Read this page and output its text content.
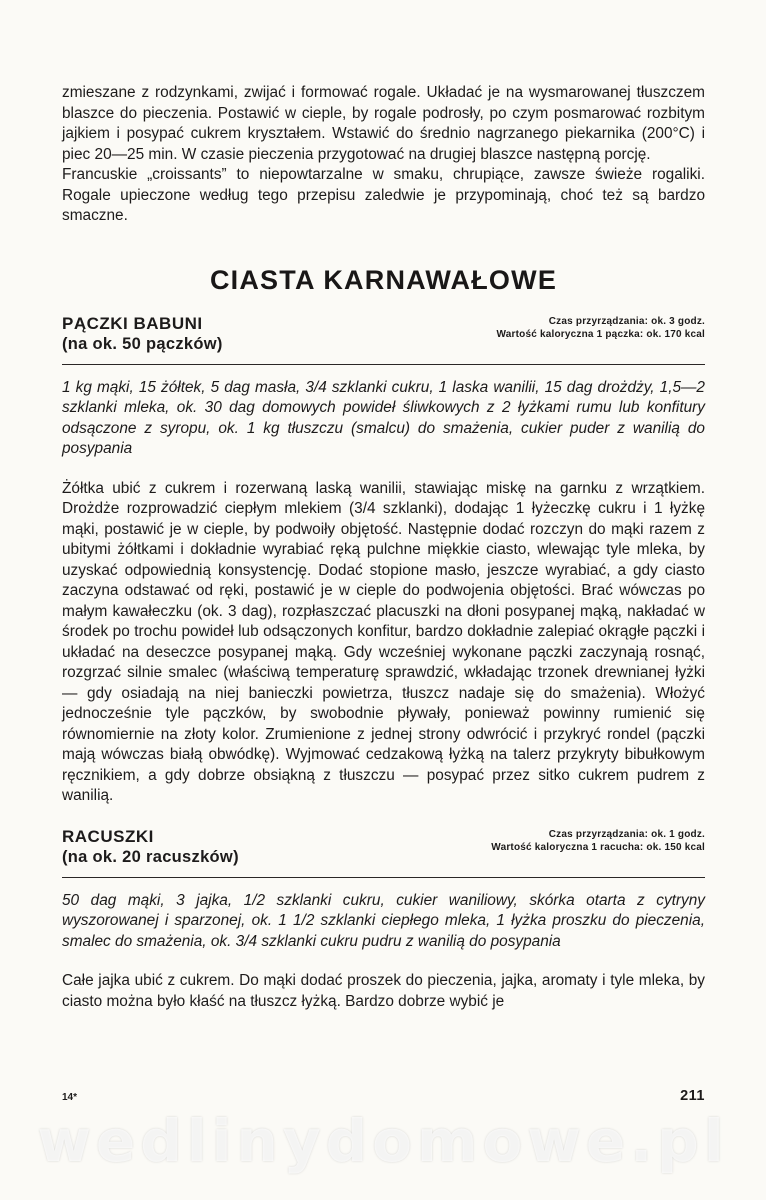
zmieszane z rodzynkami, zwijać i formować rogale. Układać je na wysmarowanej tłuszczem blaszce do pieczenia. Postawić w cieple, by rogale podrosły, po czym posmarować rozbitym jajkiem i posypać cukrem kryształem. Wstawić do średnio nagrzanego piekarnika (200°C) i piec 20—25 min. W czasie pieczenia przygotować na drugiej blaszce następną porcję.

Francuskie „croissants” to niepowtarzalne w smaku, chrupiące, zawsze świeże rogaliki. Rogale upieczone według tego przepisu zaledwie je przypominają, choć też są bardzo smaczne.

CIASTA KARNAWAŁOWE
PĄCZKI BABUNI
(na ok. 50 pączków)
Czas przyrządzania: ok. 3 godz.
Wartość kaloryczna 1 pączka: ok. 170 kcal

1 kg mąki, 15 żółtek, 5 dag masła, 3/4 szklanki cukru, 1 laska wanilii, 15 dag drożdży, 1,5—2 szklanki mleka, ok. 30 dag domowych powideł śliwkowych z 2 łyżkami rumu lub konfitury odsączone z syropu, ok. 1 kg tłuszczu (smalcu) do smażenia, cukier puder z wanilią do posypania

Żółtka ubić z cukrem i rozerwaną laską wanilii, stawiając miskę na garnku z wrzątkiem. Drożdże rozprowadzić ciepłym mlekiem (3/4 szklanki), dodając 1 łyżeczkę cukru i 1 łyżkę mąki, postawić je w cieple, by podwoiły objętość. Następnie dodać rozczyn do mąki razem z ubitymi żółtkami i dokładnie wyrabiać ręką pulchne miękkie ciasto, wlewając tyle mleka, by uzyskać odpowiednią konsystencję. Dodać stopione masło, jeszcze wyrabiać, a gdy ciasto zaczyna odstawać od ręki, postawić je w cieple do podwojenia objętości. Brać wówczas po małym kawałeczku (ok. 3 dag), rozpłaszczać placuszki na dłoni posypanej mąką, nakładać w środek po trochu powideł lub odsączonych konfitur, bardzo dokładnie zalepiać okrągłe pączki i układać na deseczce posypanej mąką. Gdy wcześniej wykonane pączki zaczynają rosnąć, rozgrzać silnie smalec (właściwą temperaturę sprawdzić, wkładając trzonek drewnianej łyżki — gdy osiadają na niej banieczki powietrza, tłuszcz nadaje się do smażenia). Włożyć jednocześnie tyle pączków, by swobodnie pływały, ponieważ powinny rumienić się równomiernie na złoty kolor. Zrumienione z jednej strony odwrócić i przykryć rondel (pączki mają wówczas białą obwódkę). Wyjmować cedzakową łyżką na talerz przykryty bibułkowym ręcznikiem, a gdy dobrze obsiąkną z tłuszczu — posypać przez sitko cukrem pudrem z wanilią.

RACUSZKI
(na ok. 20 racuszków)
Czas przyrządzania: ok. 1 godz.
Wartość kaloryczna 1 racucha: ok. 150 kcal

50 dag mąki, 3 jajka, 1/2 szklanki cukru, cukier waniliowy, skórka otarta z cytryny wyszorowanej i sparzonej, ok. 1 1/2 szklanki ciepłego mleka, 1 łyżka proszku do pieczenia, smalec do smażenia, ok. 3/4 szklanki cukru pudru z wanilią do posypania

Całe jajka ubić z cukrem. Do mąki dodać proszek do pieczenia, jajka, aromaty i tyle mleka, by ciasto można było kłaść na tłuszcz łyżką. Bardzo dobrze wybić je

14*	211
wedlinydomowe.pl
